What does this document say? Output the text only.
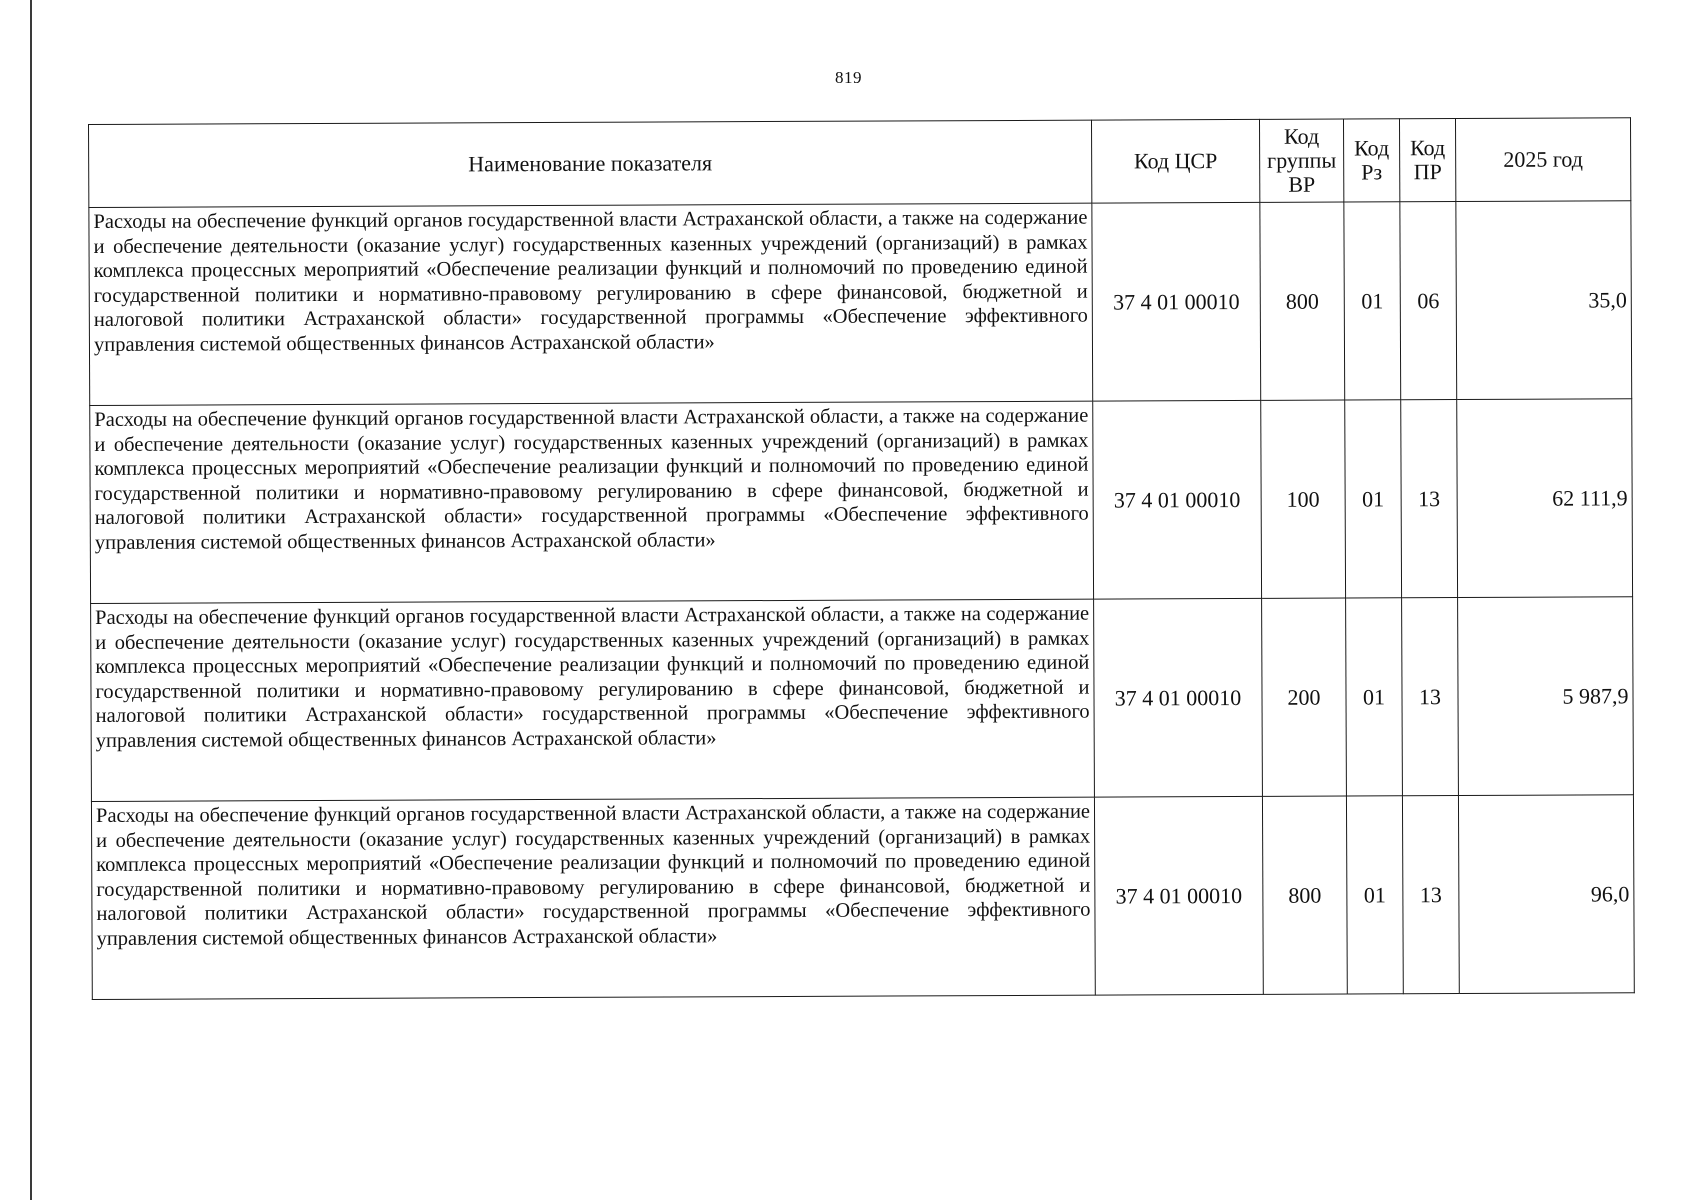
819
Наименование показателя	Код ЦСР	Код группы ВР	Код Рз	Код ПР	2025 год
Расходы на обеспечение функций органов государственной власти Астраханской области, а также на содержание и обеспечение деятельности (оказание услуг) государственных казенных учреждений (организаций) в рамках комплекса процессных мероприятий «Обеспечение реализации функций и полномочий по проведению единой государственной политики и нормативно-правовому регулированию в сфере финансовой, бюджетной и налоговой политики Астраханской области» государственной программы «Обеспечение эффективного управления системой общественных финансов Астраханской области»	37 4 01 00010	800	01	06	35,0
Расходы на обеспечение функций органов государственной власти Астраханской области, а также на содержание и обеспечение деятельности (оказание услуг) государственных казенных учреждений (организаций) в рамках комплекса процессных мероприятий «Обеспечение реализации функций и полномочий по проведению единой государственной политики и нормативно-правовому регулированию в сфере финансовой, бюджетной и налоговой политики Астраханской области» государственной программы «Обеспечение эффективного управления системой общественных финансов Астраханской области»	37 4 01 00010	100	01	13	62 111,9
Расходы на обеспечение функций органов государственной власти Астраханской области, а также на содержание и обеспечение деятельности (оказание услуг) государственных казенных учреждений (организаций) в рамках комплекса процессных мероприятий «Обеспечение реализации функций и полномочий по проведению единой государственной политики и нормативно-правовому регулированию в сфере финансовой, бюджетной и налоговой политики Астраханской области» государственной программы «Обеспечение эффективного управления системой общественных финансов Астраханской области»	37 4 01 00010	200	01	13	5 987,9
Расходы на обеспечение функций органов государственной власти Астраханской области, а также на содержание и обеспечение деятельности (оказание услуг) государственных казенных учреждений (организаций) в рамках комплекса процессных мероприятий «Обеспечение реализации функций и полномочий по проведению единой государственной политики и нормативно-правовому регулированию в сфере финансовой, бюджетной и налоговой политики Астраханской области» государственной программы «Обеспечение эффективного управления системой общественных финансов Астраханской области»	37 4 01 00010	800	01	13	96,0
